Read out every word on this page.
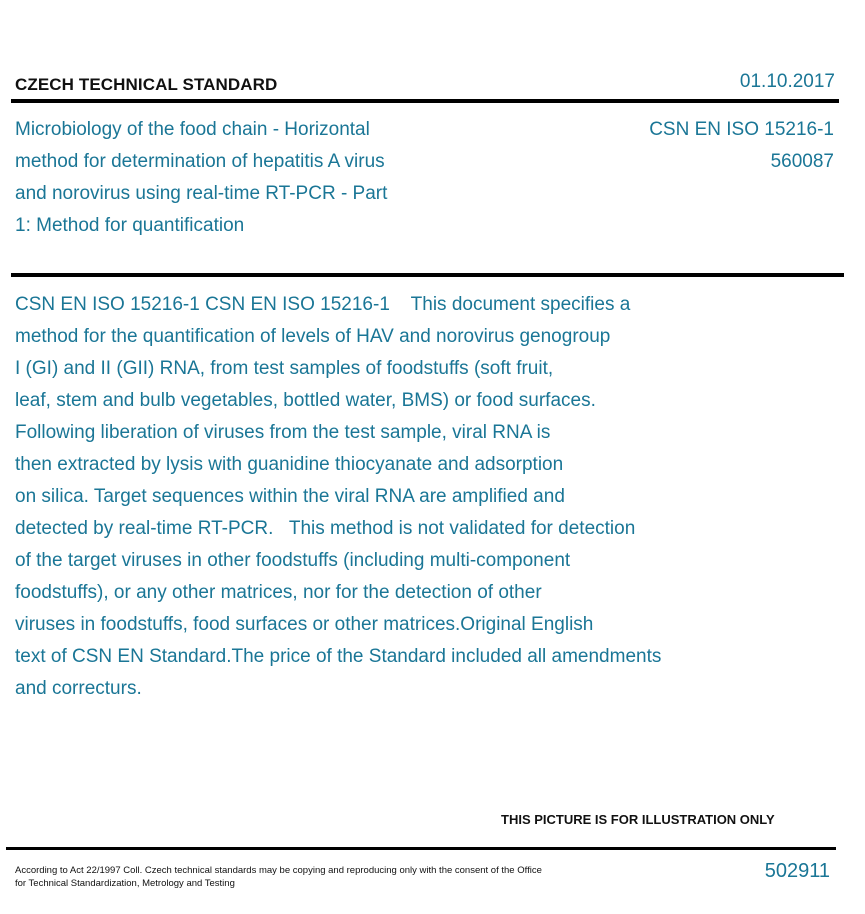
CZECH TECHNICAL STANDARD	01.10.2017
Microbiology of the food chain - Horizontal
method for determination of hepatitis A virus
and norovirus using real-time RT-PCR - Part
1: Method for quantification
CSN EN ISO 15216-1
560087
CSN EN ISO 15216-1 CSN EN ISO 15216-1    This document specifies a
method for the quantification of levels of HAV and norovirus genogroup
I (GI) and II (GII) RNA, from test samples of foodstuffs (soft fruit,
leaf, stem and bulb vegetables, bottled water, BMS) or food surfaces.
Following liberation of viruses from the test sample, viral RNA is
then extracted by lysis with guanidine thiocyanate and adsorption
on silica. Target sequences within the viral RNA are amplified and
detected by real-time RT-PCR.   This method is not validated for detection
of the target viruses in other foodstuffs (including multi-component
foodstuffs), or any other matrices, nor for the detection of other
viruses in foodstuffs, food surfaces or other matrices.Original English
text of CSN EN Standard.The price of the Standard included all amendments
and correcturs.
THIS PICTURE IS FOR ILLUSTRATION ONLY
According to Act 22/1997 Coll. Czech technical standards may be copying and reproducing only with the consent of the Office
for Technical Standardization, Metrology and Testing
502911
